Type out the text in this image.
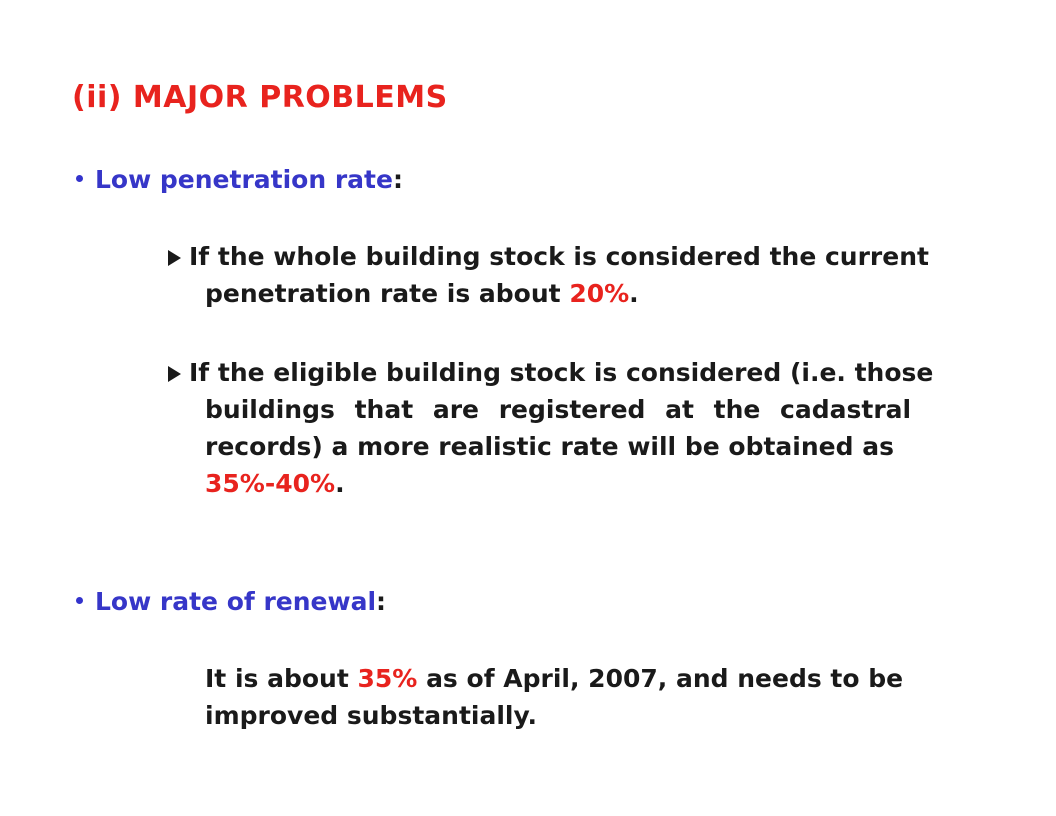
(ii) MAJOR PROBLEMS
Low penetration rate:
If the whole building stock is considered the current
penetration rate is about 20%.
If the eligible building stock is considered (i.e. those
buildings that are registered at the cadastral
records) a more realistic rate will be obtained as
35%-40%.
Low rate of renewal:
It is about 35% as of April, 2007, and needs to be
improved substantially.
